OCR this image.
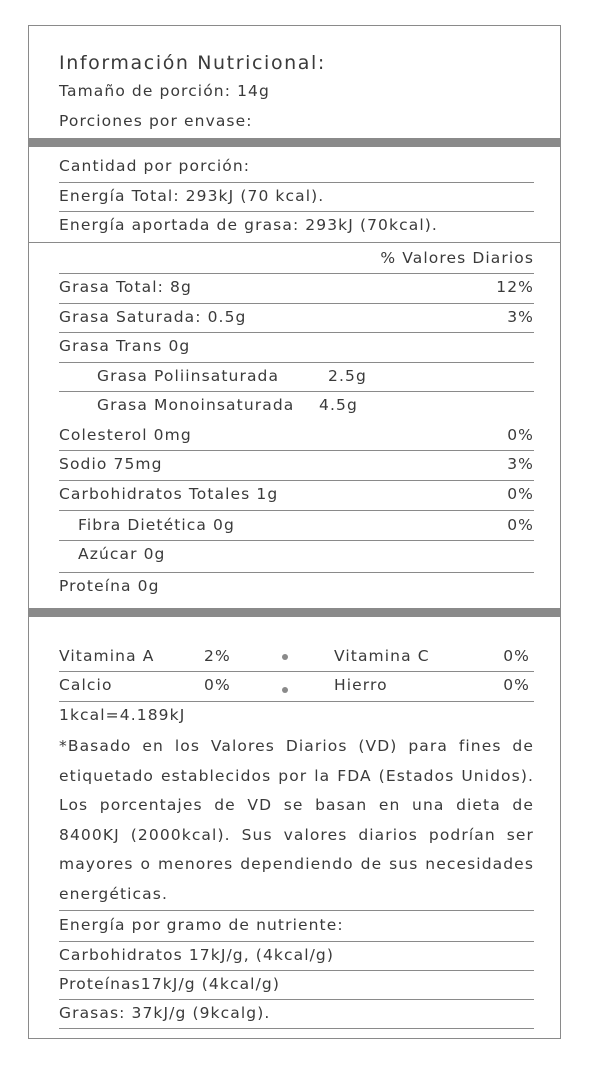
Información Nutricional:
Tamaño de porción: 14g
Porciones por envase:
Cantidad por porción:
Energía Total: 293kJ (70 kcal).
Energía aportada de grasa: 293kJ (70kcal).
% Valores Diarios
Grasa Total: 8g	12%
Grasa Saturada: 0.5g	3%
Grasa Trans 0g
Grasa Poliinsaturada	2.5g
Grasa Monoinsaturada	4.5g
Colesterol 0mg	0%
Sodio 75mg	3%
Carbohidratos Totales 1g	0%
Fibra Dietética 0g	0%
Azúcar 0g
Proteína 0g
Vitamina A	2%	Vitamina C	0%
Calcio	0%	Hierro	0%
1kcal=4.189kJ
*Basado en los Valores Diarios (VD) para fines de etiquetado establecidos por la FDA (Estados Unidos). Los porcentajes de VD se basan en una dieta de 8400KJ (2000kcal). Sus valores diarios podrían ser mayores o menores dependiendo de sus necesidades energéticas.
Energía por gramo de nutriente:
Carbohidratos 17kJ/g, (4kcal/g)
Proteínas17kJ/g (4kcal/g)
Grasas: 37kJ/g (9kcalg).
